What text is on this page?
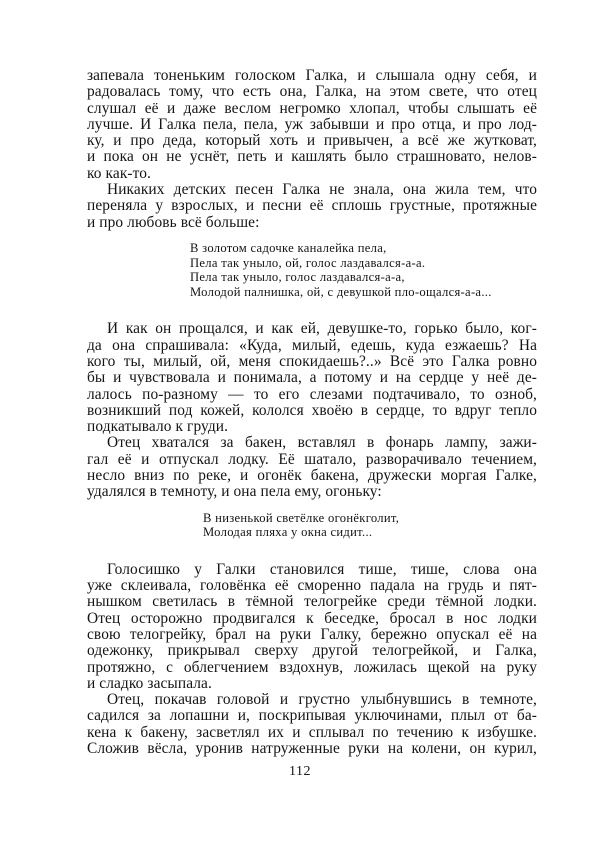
запевала тоненьким голоском Галка, и слышала одну себя, и
радовалась тому, что есть она, Галка, на этом свете, что отец
слушал её и даже веслом негромко хлопал, чтобы слышать её
лучше. И Галка пела, пела, уж забывши и про отца, и про лод-
ку, и про деда, который хоть и привычен, а всё же жутковат,
и пока он не уснёт, петь и кашлять было страшновато, нелов-
ко как-то.
Никаких детских песен Галка не знала, она жила тем, что
переняла у взрослых, и песни её сплошь грустные, протяжные
и про любовь всё больше:
В золотом садочке каналейка пела,
Пела так уныло, ой, голос лаздавался-а-а.
Пела так уныло, голос лаздавался-а-а,
Молодой палнишка, ой, с девушкой пло-ощался-а-а...
И как он прощался, и как ей, девушке-то, горько было, ког-
да она спрашивала: «Куда, милый, едешь, куда езжаешь? На
кого ты, милый, ой, меня спокидаешь?..» Всё это Галка ровно
бы и чувствовала и понимала, а потому и на сердце у неё де-
лалось по-разному — то его слезами подтачивало, то озноб,
возникший под кожей, кололся хвоёю в сердце, то вдруг тепло
подкатывало к груди.
Отец хватался за бакен, вставлял в фонарь лампу, зажи-
гал её и отпускал лодку. Её шатало, разворачивало течением,
несло вниз по реке, и огонёк бакена, дружески моргая Галке,
удалялся в темноту, и она пела ему, огоньку:
В низенькой светёлке огонёкголит,
Молодая пляха у окна сидит...
Голосишко у Галки становился тише, тише, слова она
уже склеивала, головёнка её сморенно падала на грудь и пят-
нышком светилась в тёмной телогрейке среди тёмной лодки.
Отец осторожно продвигался к беседке, бросал в нос лодки
свою телогрейку, брал на руки Галку, бережно опускал её на
одежонку, прикрывал сверху другой телогрейкой, и Галка,
протяжно, с облегчением вздохнув, ложилась щекой на руку
и сладко засыпала.
Отец, покачав головой и грустно улыбнувшись в темноте,
садился за лопашни и, поскрипывая уключинами, плыл от ба-
кена к бакену, засветлял их и сплывал по течению к избушке.
Сложив вёсла, уронив натруженные руки на колени, он курил,
112
